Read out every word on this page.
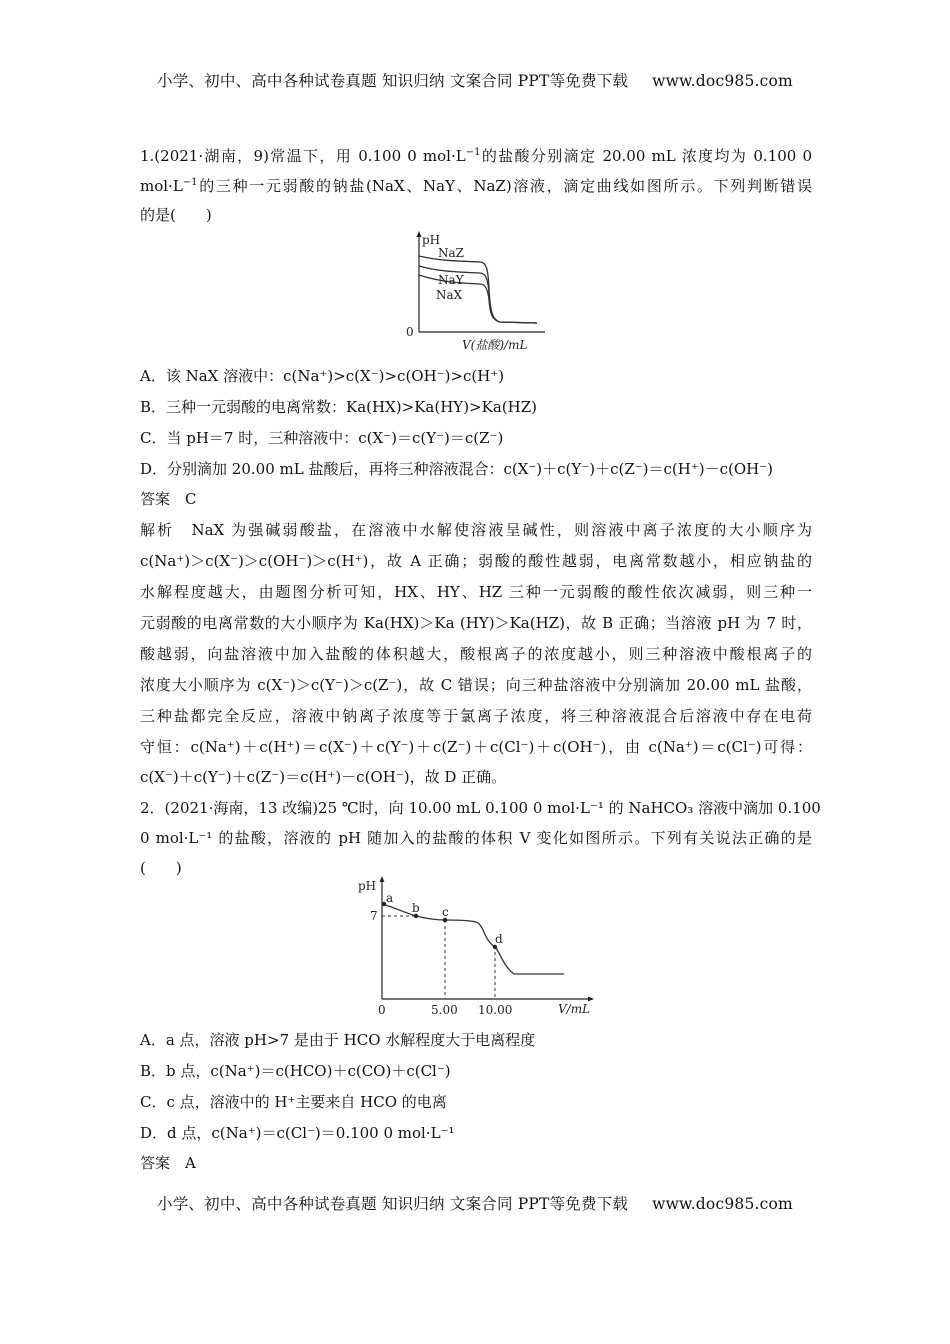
小学、初中、高中各种试卷真题 知识归纳 文案合同 PPT等免费下载 www.doc985.com
1.(2021·湖南，9)常温下，用 0.100 0 $mol\cdot L^{-1}$的盐酸分别滴定 20.00 mL 浓度均为 0.100 0
$mol\cdot L^{-1}$的三种一元弱酸的钠盐(NaX、NaY、NaZ)溶液，滴定曲线如图所示。下列判断错误
的是(　　)
pH
0
V(盐酸)/mL
NaZ
NaY
NaX
A．该 NaX 溶液中：c(Na⁺)>c(X⁻)>c(OH⁻)>c(H⁺)
B．三种一元弱酸的电离常数：Ka(HX)>Ka(HY)>Ka(HZ)
C．当 pH＝7 时，三种溶液中：c(X⁻)＝c(Y⁻)＝c(Z⁻)
D．分别滴加 20.00 mL 盐酸后，再将三种溶液混合：c(X⁻)＋c(Y⁻)＋c(Z⁻)＝c(H⁺)－c(OH⁻)
答案　 C
解析　NaX 为强碱弱酸盐，在溶液中水解使溶液呈碱性，则溶液中离子浓度的大小顺序为
c(Na⁺)＞c(X⁻)＞c(OH⁻)＞c(H⁺)，故 A 正确；弱酸的酸性越弱，电离常数越小，相应钠盐的
水解程度越大，由题图分析可知，HX、HY、HZ 三种一元弱酸的酸性依次减弱，则三种一
元弱酸的电离常数的大小顺序为 Ka(HX)＞Ka (HY)＞Ka(HZ)，故 B 正确；当溶液 pH 为 7 时，
酸越弱，向盐溶液中加入盐酸的体积越大，酸根离子的浓度越小，则三种溶液中酸根离子的
浓度大小顺序为 c(X⁻)＞c(Y⁻)＞c(Z⁻)，故 C 错误；向三种盐溶液中分别滴加 20.00 mL 盐酸，
三种盐都完全反应，溶液中钠离子浓度等于氯离子浓度，将三种溶液混合后溶液中存在电荷
守恒：c(Na⁺)＋c(H⁺)＝c(X⁻)＋c(Y⁻)＋c(Z⁻)＋c(Cl⁻)＋c(OH⁻)，由 c(Na⁺)＝c(Cl⁻)可得：
c(X⁻)＋c(Y⁻)＋c(Z⁻)＝c(H⁺)－c(OH⁻)，故 D 正确。
2．(2021·海南，13 改编)25 ℃时，向 10.00 mL 0.100 0 mol·L⁻¹ 的 NaHCO₃ 溶液中滴加 0.100
0 mol·L⁻¹ 的盐酸，溶液的 pH 随加入的盐酸的体积 V 变化如图所示。下列有关说法正确的是
(　　)
pH
7
0	5.00 10.00	V/mL
a
b c
d
A．a 点，溶液 pH>7 是由于 HCO 水解程度大于电离程度
B．b 点，c(Na⁺)＝c(HCO)＋c(CO)＋c(Cl⁻)
C．c 点，溶液中的 H⁺主要来自 HCO 的电离
D．d 点，c(Na⁺)＝c(Cl⁻)＝0.100 0 mol·L⁻¹
答案　 A
小学、初中、高中各种试卷真题 知识归纳 文案合同 PPT等免费下载 www.doc985.com
